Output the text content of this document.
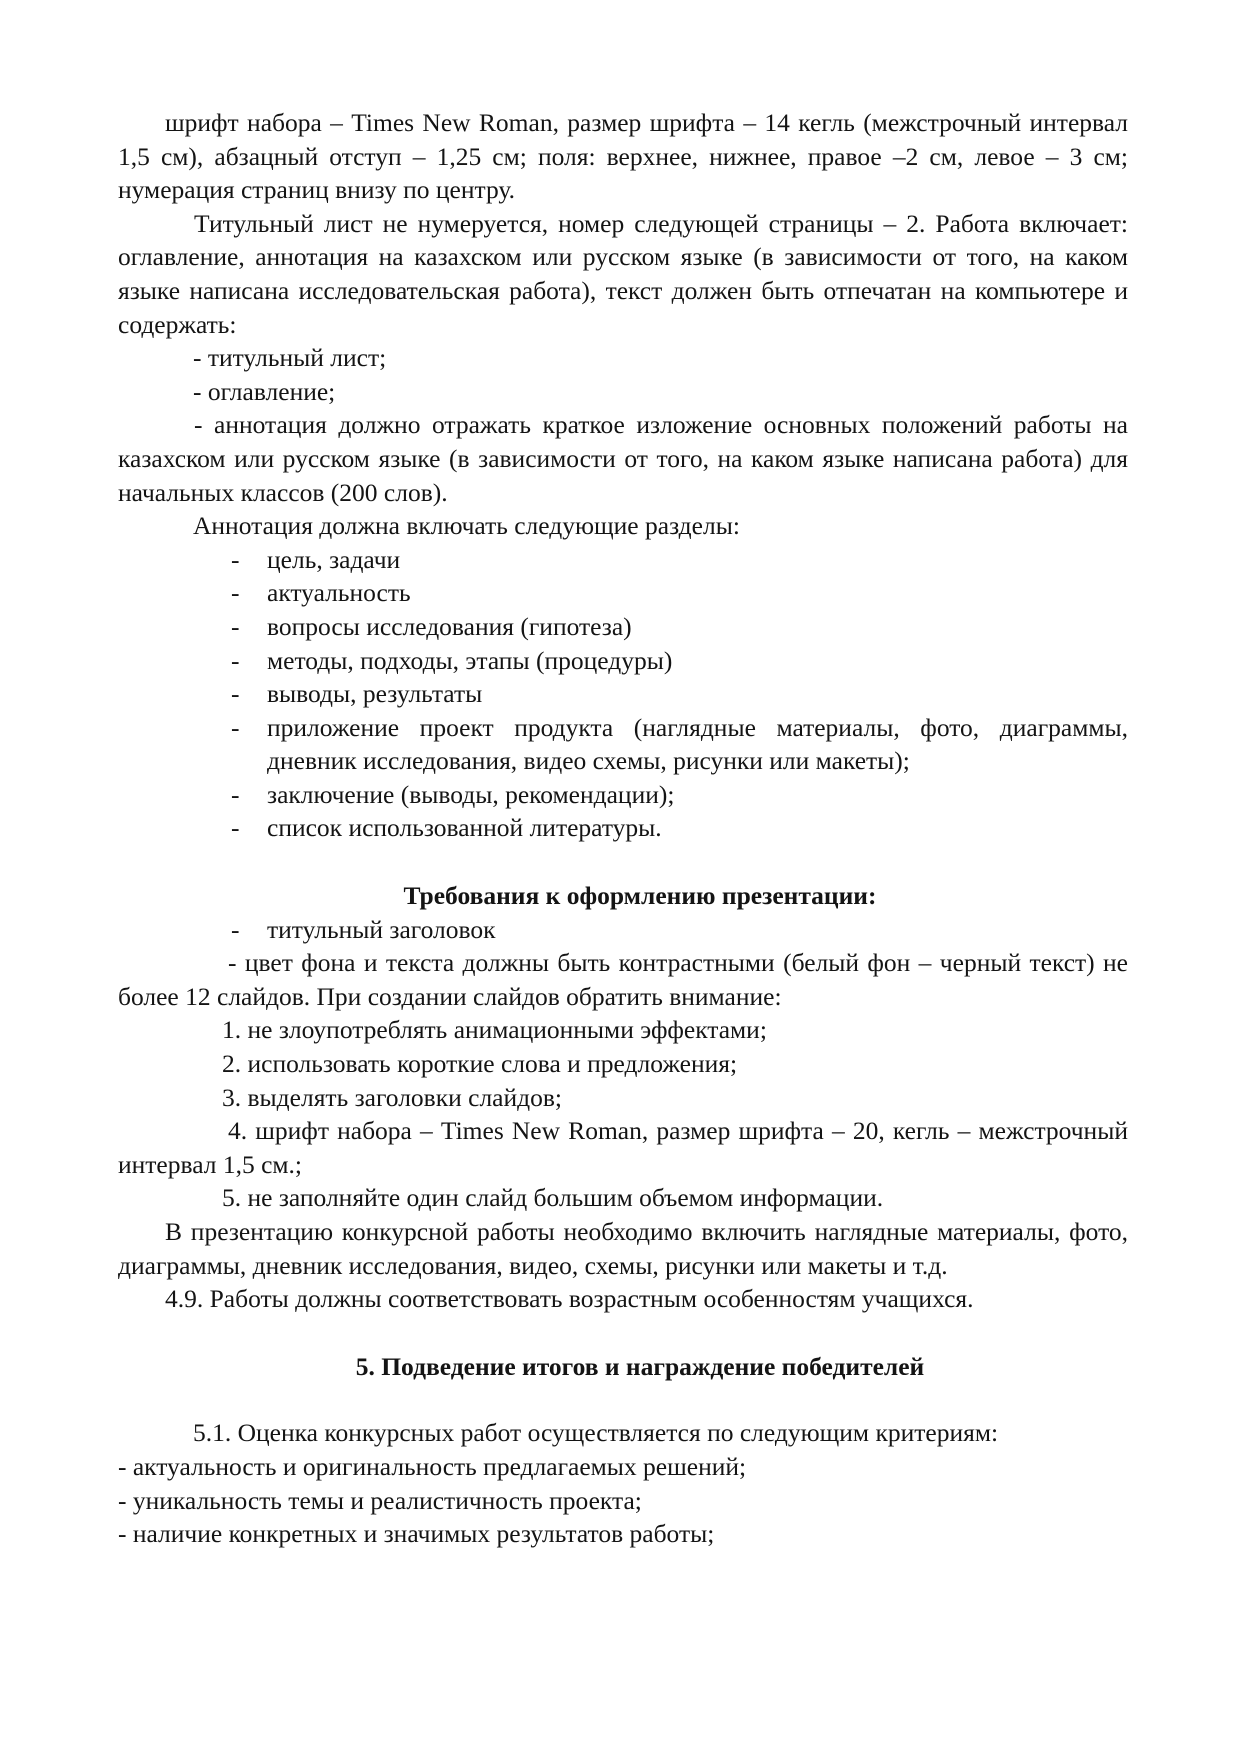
шрифт набора – Times New Roman, размер шрифта – 14 кегль (межстрочный интервал 1,5 см), абзацный отступ – 1,25 см; поля: верхнее, нижнее, правое –2 см, левое – 3 см; нумерация страниц внизу по центру.

Титульный лист не нумеруется, номер следующей страницы – 2. Работа включает: оглавление, аннотация на казахском или русском языке (в зависимости от того, на каком языке написана исследовательская работа), текст должен быть отпечатан на компьютере и содержать:

- титульный лист;

- оглавление;

- аннотация должно отражать краткое изложение основных положений работы на казахском или русском языке (в зависимости от того, на каком языке написана работа) для начальных классов (200 слов).

Аннотация должна включать следующие разделы:

- цель, задачи

- актуальность

- вопросы исследования (гипотеза)

- методы, подходы, этапы (процедуры)

- выводы, результаты

- приложение проект продукта (наглядные материалы, фото, диаграммы, дневник исследования, видео схемы, рисунки или макеты);

- заключение (выводы, рекомендации);

- список использованной литературы.

Требования к оформлению презентации:

- титульный заголовок

- цвет фона и текста должны быть контрастными (белый фон – черный текст) не более 12 слайдов. При создании слайдов обратить внимание:

1. не злоупотреблять анимационными эффектами;

2. использовать короткие слова и предложения;

3. выделять заголовки слайдов;

4. шрифт набора – Times New Roman, размер шрифта – 20, кегль – межстрочный интервал 1,5 см.;

5. не заполняйте один слайд большим объемом информации.

В презентацию конкурсной работы необходимо включить наглядные материалы, фото, диаграммы, дневник исследования, видео, схемы, рисунки или макеты и т.д.

4.9. Работы должны соответствовать возрастным особенностям учащихся.

5. Подведение итогов и награждение победителей

5.1. Оценка конкурсных работ осуществляется по следующим критериям:

- актуальность и оригинальность предлагаемых решений;

- уникальность темы и реалистичность проекта;

- наличие конкретных и значимых результатов работы;
